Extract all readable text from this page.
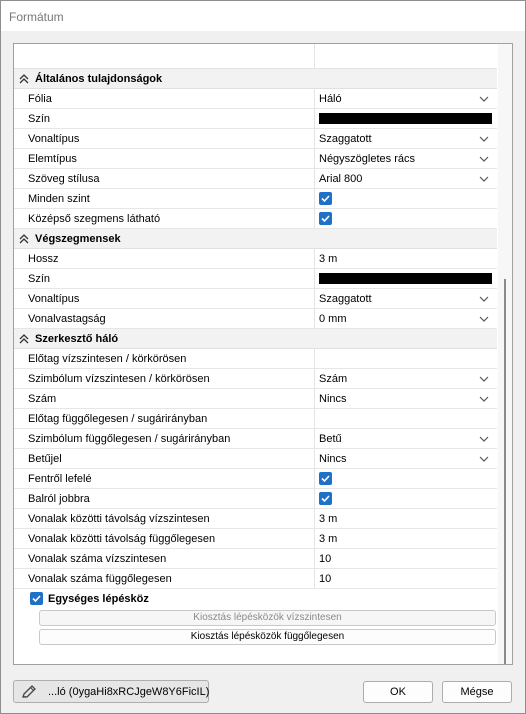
Formátum
Általános tulajdonságok
Fólia	Háló
Szín
Vonaltípus	Szaggatott
Elemtípus	Négyszögletes rács
Szöveg stílusa	Arial 800
Minden szint
Középső szegmens látható
Végszegmensek
Hossz	3 m
Szín
Vonaltípus	Szaggatott
Vonalvastagság	0 mm
Szerkesztő háló
Előtag vízszintesen / körkörösen
Szimbólum vízszintesen / körkörösen	Szám
Szám	Nincs
Előtag függőlegesen / sugárirányban
Szimbólum függőlegesen / sugárirányban	Betű
Betűjel	Nincs
Fentről lefelé
Balról jobbra
Vonalak közötti távolság vízszintesen	3 m
Vonalak közötti távolság függőlegesen	3 m
Vonalak száma vízszintesen	10
Vonalak száma függőlegesen	10
Egységes lépésköz
Kiosztás lépésközök vízszintesen
Kiosztás lépésközök függőlegesen
...ló (0ygaHi8xRCJgeW8Y6FicIL)	OK	Mégse
